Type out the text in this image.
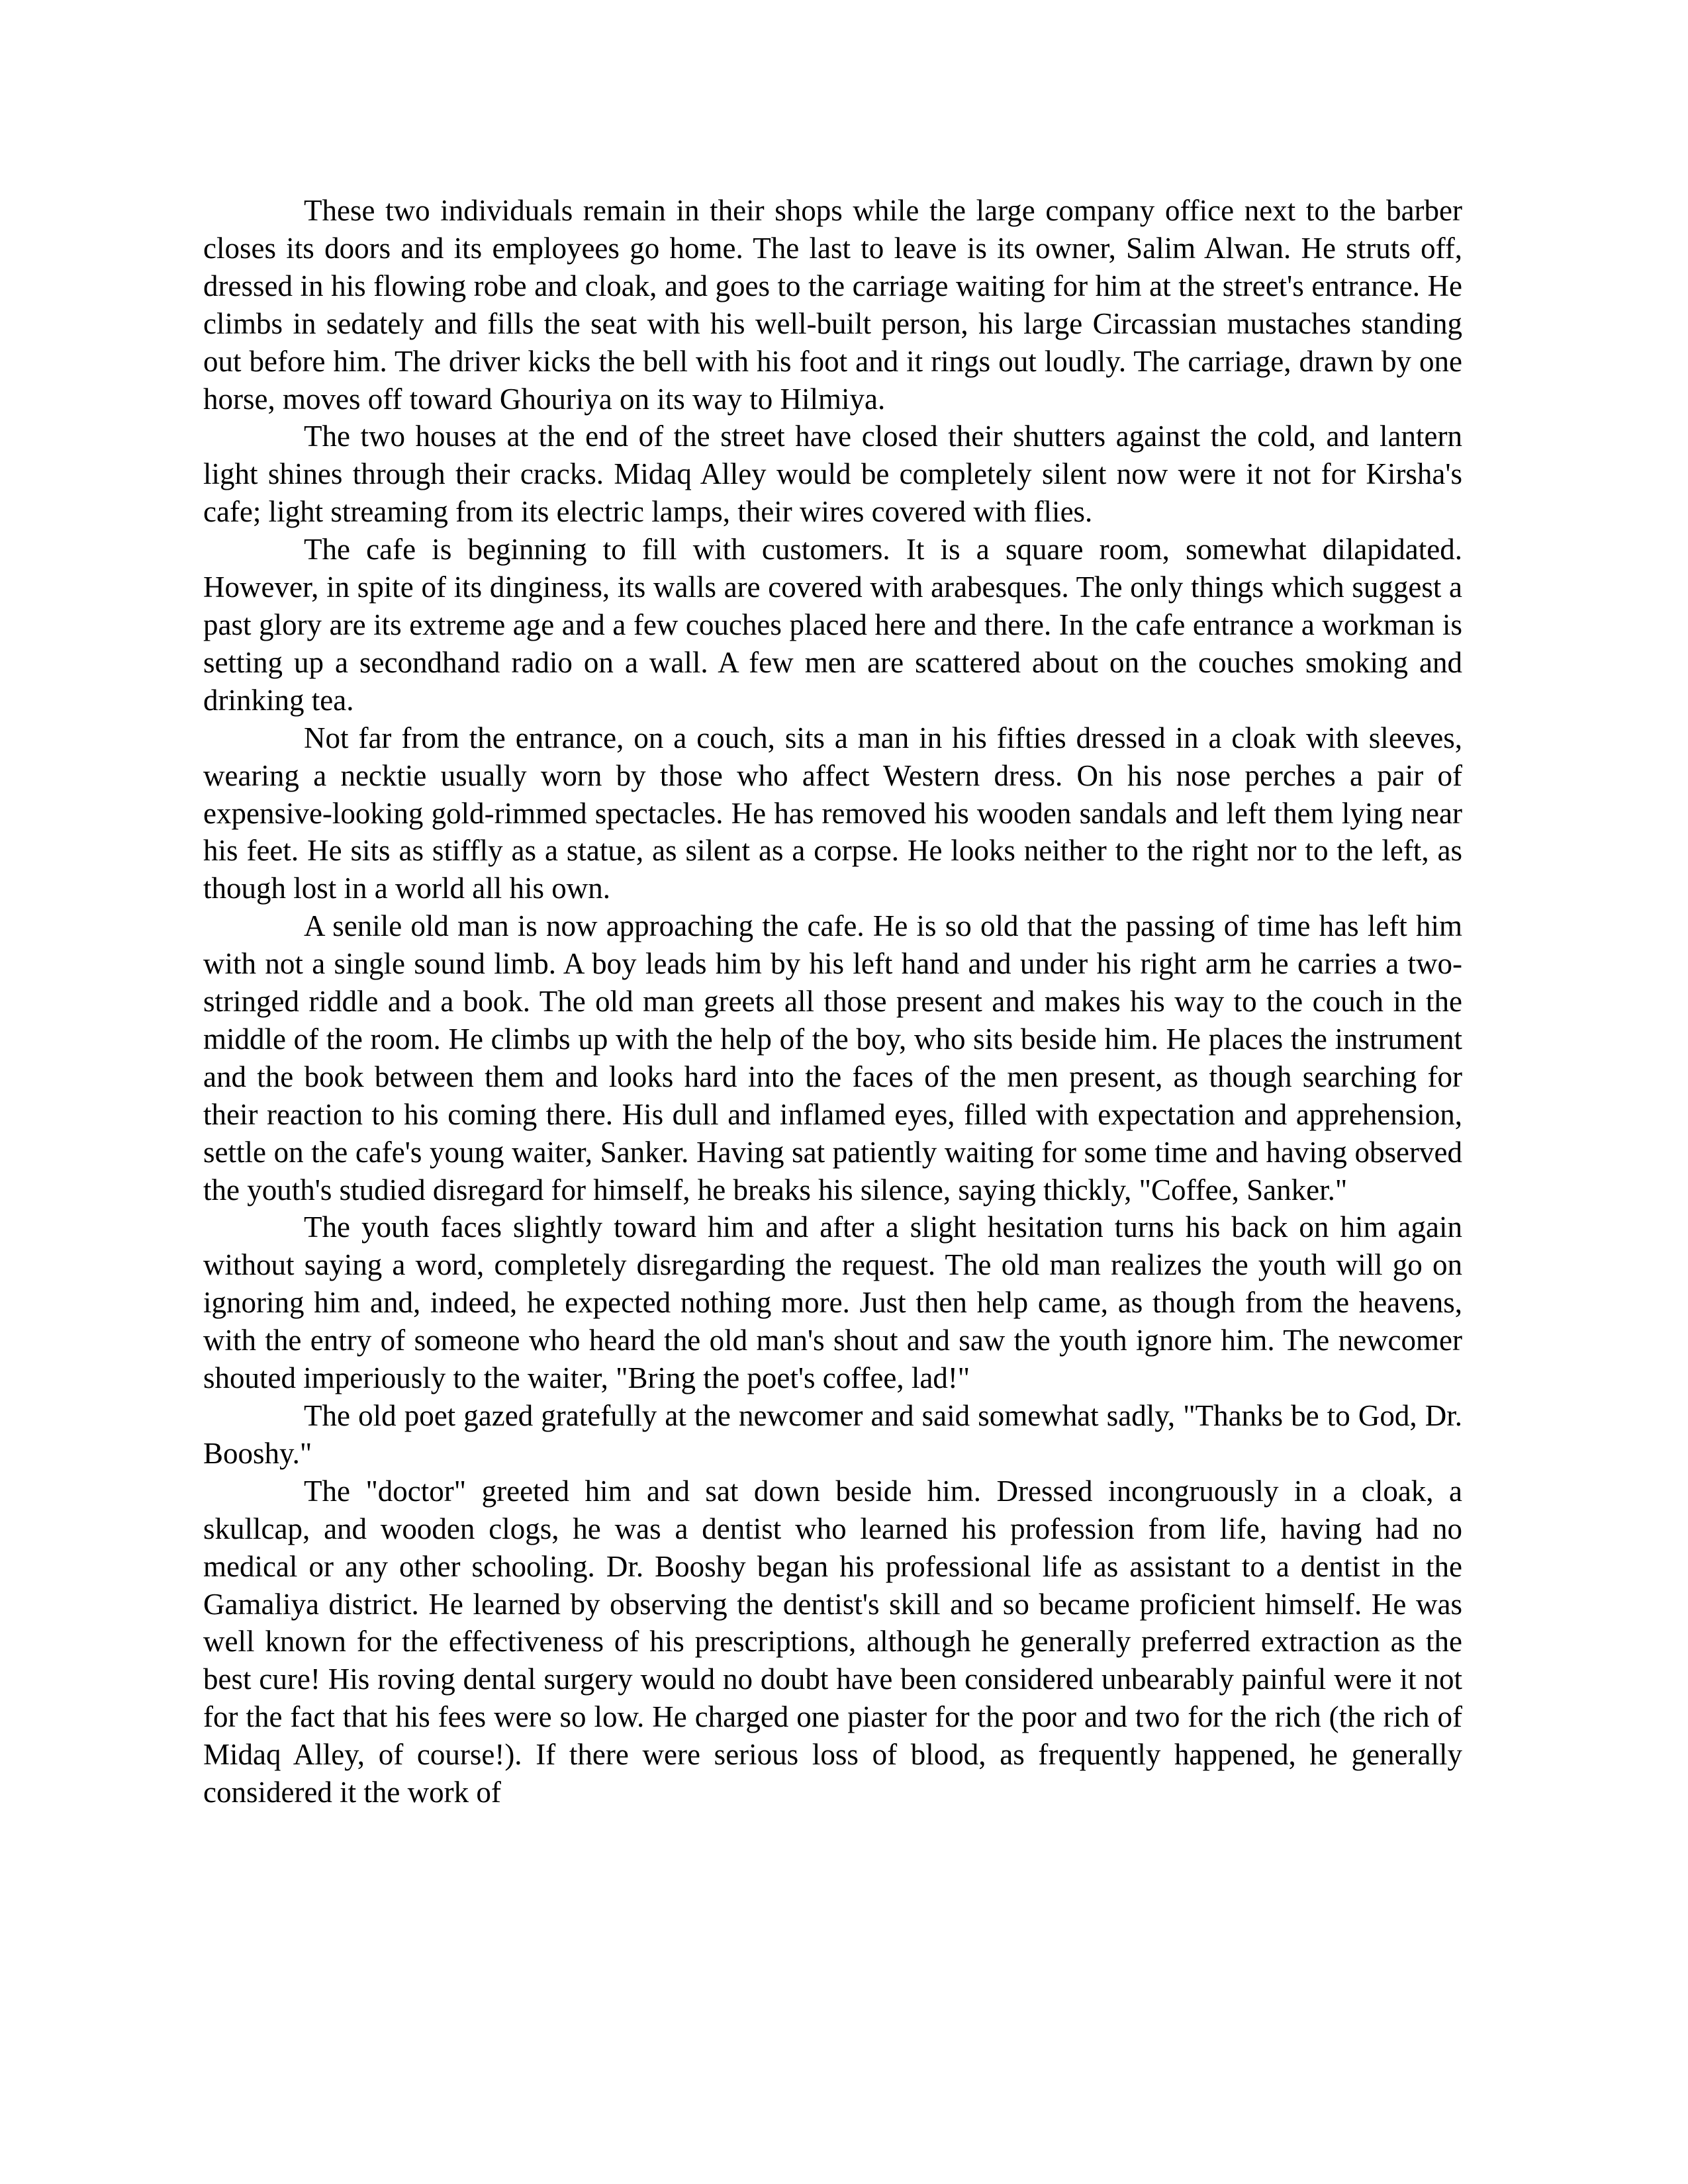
These two individuals remain in their shops while the large company office next to the barber closes its doors and its employees go home. The last to leave is its owner, Salim Alwan. He struts off, dressed in his flowing robe and cloak, and goes to the carriage waiting for him at the street's entrance. He climbs in sedately and fills the seat with his well-built person, his large Circassian mustaches standing out before him. The driver kicks the bell with his foot and it rings out loudly. The carriage, drawn by one horse, moves off toward Ghouriya on its way to Hilmiya.

The two houses at the end of the street have closed their shutters against the cold, and lantern light shines through their cracks. Midaq Alley would be completely silent now were it not for Kirsha's cafe; light streaming from its electric lamps, their wires covered with flies.

The cafe is beginning to fill with customers. It is a square room, somewhat dilapidated. However, in spite of its dinginess, its walls are covered with arabesques. The only things which suggest a past glory are its extreme age and a few couches placed here and there. In the cafe entrance a workman is setting up a secondhand radio on a wall. A few men are scattered about on the couches smoking and drinking tea.

Not far from the entrance, on a couch, sits a man in his fifties dressed in a cloak with sleeves, wearing a necktie usually worn by those who affect Western dress. On his nose perches a pair of expensive-looking gold-rimmed spectacles. He has removed his wooden sandals and left them lying near his feet. He sits as stiffly as a statue, as silent as a corpse. He looks neither to the right nor to the left, as though lost in a world all his own.

A senile old man is now approaching the cafe. He is so old that the passing of time has left him with not a single sound limb. A boy leads him by his left hand and under his right arm he carries a two-stringed riddle and a book. The old man greets all those present and makes his way to the couch in the middle of the room. He climbs up with the help of the boy, who sits beside him. He places the instrument and the book between them and looks hard into the faces of the men present, as though searching for their reaction to his coming there. His dull and inflamed eyes, filled with expectation and apprehension, settle on the cafe's young waiter, Sanker. Having sat patiently waiting for some time and having observed the youth's studied disregard for himself, he breaks his silence, saying thickly, "Coffee, Sanker."

The youth faces slightly toward him and after a slight hesitation turns his back on him again without saying a word, completely disregarding the request. The old man realizes the youth will go on ignoring him and, indeed, he expected nothing more. Just then help came, as though from the heavens, with the entry of someone who heard the old man's shout and saw the youth ignore him. The newcomer shouted imperiously to the waiter, "Bring the poet's coffee, lad!"

The old poet gazed gratefully at the newcomer and said somewhat sadly, "Thanks be to God, Dr. Booshy."

The "doctor" greeted him and sat down beside him. Dressed incongruously in a cloak, a skullcap, and wooden clogs, he was a dentist who learned his profession from life, having had no medical or any other schooling. Dr. Booshy began his professional life as assistant to a dentist in the Gamaliya district. He learned by observing the dentist's skill and so became proficient himself. He was well known for the effectiveness of his prescriptions, although he generally preferred extraction as the best cure! His roving dental surgery would no doubt have been considered unbearably painful were it not for the fact that his fees were so low. He charged one piaster for the poor and two for the rich (the rich of Midaq Alley, of course!). If there were serious loss of blood, as frequently happened, he generally considered it the work of
